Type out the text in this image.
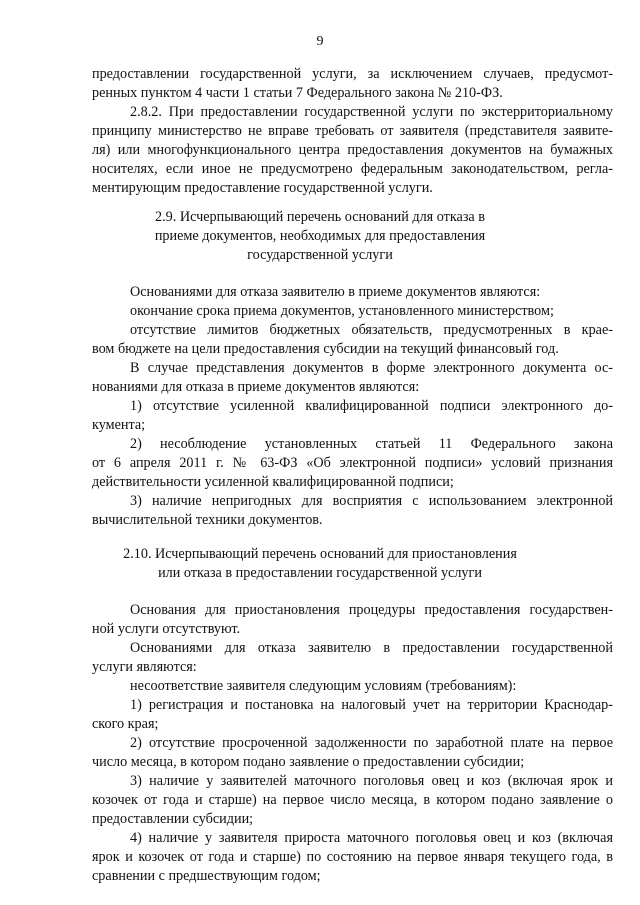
9
предоставлении государственной услуги, за исключением случаев, предусмот-
ренных пунктом 4 части 1 статьи 7 Федерального закона № 210-ФЗ.
2.8.2. При предоставлении государственной услуги по экстерриториальному
принципу министерство не вправе требовать от заявителя (представителя заявите-
ля) или многофункционального центра предоставления документов на бумажных
носителях, если иное не предусмотрено федеральным законодательством, регла-
ментирующим предоставление государственной услуги.
2.9. Исчерпывающий перечень оснований для отказа в
приеме документов, необходимых для предоставления
государственной услуги
Основаниями для отказа заявителю в приеме документов являются:
окончание срока приема документов, установленного министерством;
отсутствие лимитов бюджетных обязательств, предусмотренных в крае-
вом бюджете на цели предоставления субсидии на текущий финансовый год.
В случае представления документов в форме электронного документа ос-
нованиями для отказа в приеме документов являются:
1) отсутствие усиленной квалифицированной подписи электронного до-
кумента;
2) несоблюдение установленных статьей 11 Федерального закона
от 6 апреля 2011 г. № 63-ФЗ «Об электронной подписи» условий признания
действительности усиленной квалифицированной подписи;
3) наличие непригодных для восприятия с использованием электронной
вычислительной техники документов.
2.10. Исчерпывающий перечень оснований для приостановления
или отказа в предоставлении государственной услуги
Основания для приостановления процедуры предоставления государствен-
ной услуги отсутствуют.
Основаниями для отказа заявителю в предоставлении государственной
услуги являются:
несоответствие заявителя следующим условиям (требованиям):
1) регистрация и постановка на налоговый учет на территории Краснодар-
ского края;
2) отсутствие просроченной задолженности по заработной плате на первое
число месяца, в котором подано заявление о предоставлении субсидии;
3) наличие у заявителей маточного поголовья овец и коз (включая ярок и
козочек от года и старше) на первое число месяца, в котором подано заявление о
предоставлении субсидии;
4) наличие у заявителя прироста маточного поголовья овец и коз (включая
ярок и козочек от года и старше) по состоянию на первое января текущего года, в
сравнении с предшествующим годом;
